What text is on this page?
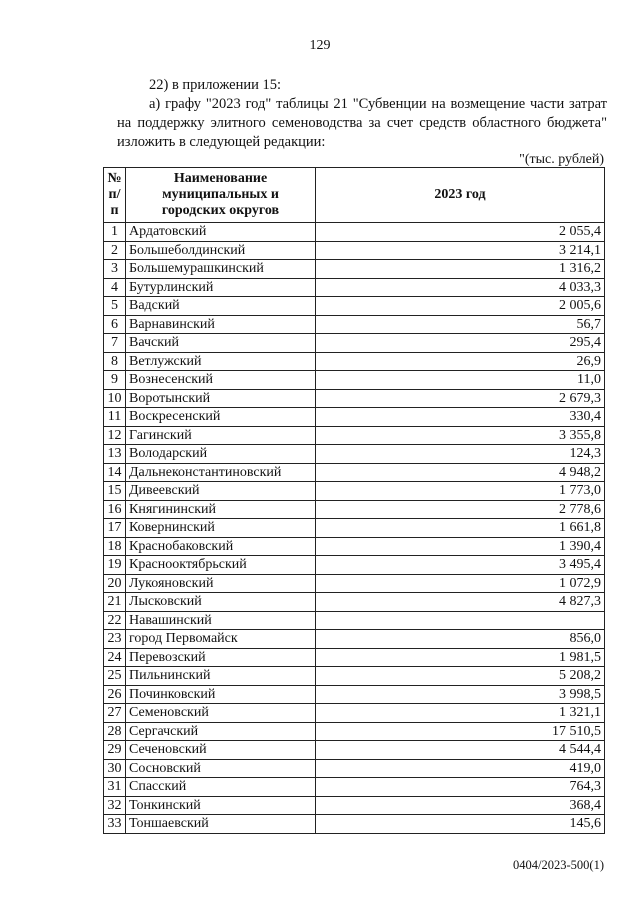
129

22) в приложении 15:

а) графу "2023 год" таблицы 21 "Субвенции на возмещение части затрат на поддержку элитного семеноводства за счет средств областного бюджета" изложить в следующей редакции:

"(тыс. рублей)
№ п/п	Наименование муниципальных и городских округов	2023 год
1	Ардатовский	2 055,4
2	Большеболдинский	3 214,1
3	Большемурашкинский	1 316,2
4	Бутурлинский	4 033,3
5	Вадский	2 005,6
6	Варнавинский	56,7
7	Вачский	295,4
8	Ветлужский	26,9
9	Вознесенский	11,0
10	Воротынский	2 679,3
11	Воскресенский	330,4
12	Гагинский	3 355,8
13	Володарский	124,3
14	Дальнеконстантиновский	4 948,2
15	Дивеевский	1 773,0
16	Княгининский	2 778,6
17	Ковернинский	1 661,8
18	Краснобаковский	1 390,4
19	Краснооктябрьский	3 495,4
20	Лукояновский	1 072,9
21	Лысковский	4 827,3
22	Навашинский	
23	город Первомайск	856,0
24	Перевозский	1 981,5
25	Пильнинский	5 208,2
26	Починковский	3 998,5
27	Семеновский	1 321,1
28	Сергачский	17 510,5
29	Сеченовский	4 544,4
30	Сосновский	419,0
31	Спасский	764,3
32	Тонкинский	368,4
33	Тоншаевский	145,6
0404/2023-500(1)
